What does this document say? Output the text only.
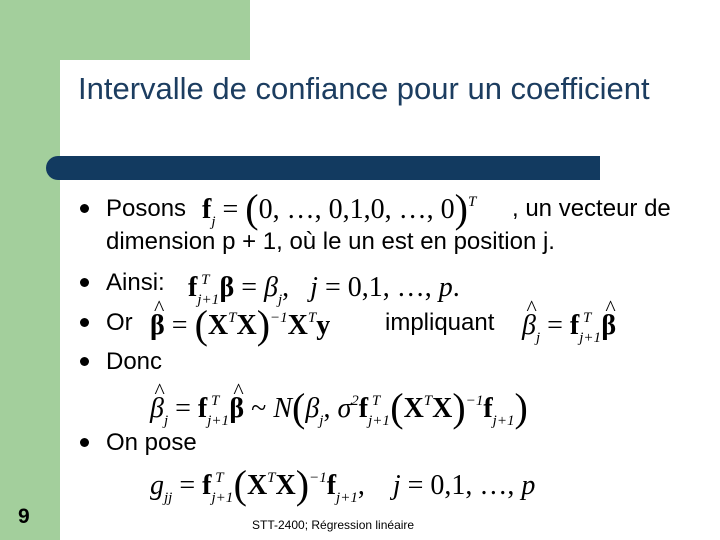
Intervalle de confiance pour un coefficient
Posons $f_j = (0$, …, 0,1,0, …, 0)$^T$ , un vecteur de
dimension p + 1, où le un est en position j.
Ainsi: $f_{j+1}^T$ $\beta = \beta_j$,   j = 0,1, …, p.
Or
^ $\beta = (X^TX)^{-1}X^Ty$ impliquant
^ $\beta_j$ = $f_{j+1}^T\^{}$ β
Donc
^ $\beta_j$ = $f_{j+1}^T\^{}$ β ~ $N(\beta_j$, $\sigma^2f_{j+1}^T$ $(X^TX)^{-1}f_{j+1}$)
On pose
$g_{jj} = f_{j+1}^T$ $(X^TX)^{-1}f_{j+1}$,    j = 0,1, …, p
9	STT-2400; Régression linéaire
